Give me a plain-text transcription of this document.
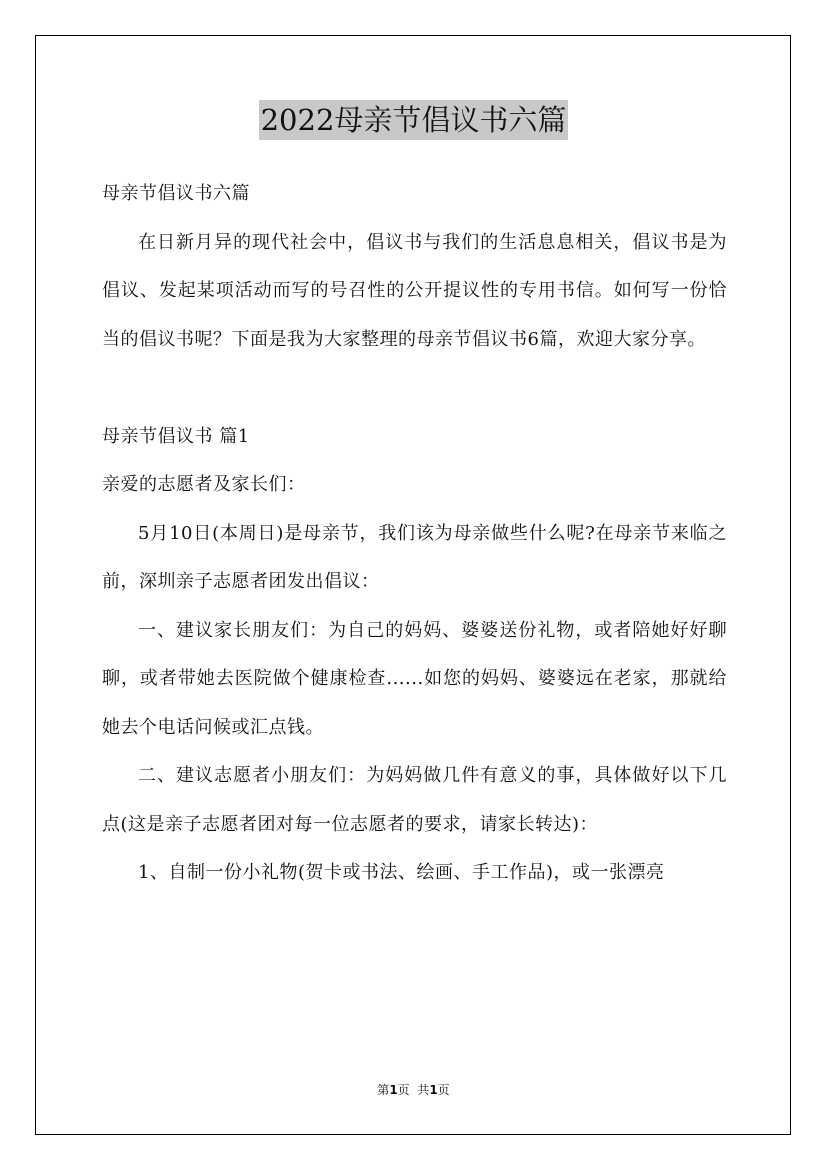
2022母亲节倡议书六篇

母亲节倡议书六篇

在日新月异的现代社会中，倡议书与我们的生活息息相关，倡议书是为倡议、发起某项活动而写的号召性的公开提议性的专用书信。如何写一份恰当的倡议书呢？下面是我为大家整理的母亲节倡议书6篇，欢迎大家分享。

母亲节倡议书 篇1

亲爱的志愿者及家长们：

5月10日(本周日)是母亲节，我们该为母亲做些什么呢?在母亲节来临之前，深圳亲子志愿者团发出倡议：

一、建议家长朋友们：为自己的妈妈、婆婆送份礼物，或者陪她好好聊聊，或者带她去医院做个健康检查......如您的妈妈、婆婆远在老家，那就给她去个电话问候或汇点钱。

二、建议志愿者小朋友们：为妈妈做几件有意义的事，具体做好以下几点(这是亲子志愿者团对每一位志愿者的要求，请家长转达)：

1、自制一份小礼物(贺卡或书法、绘画、手工作品)，或一张漂亮

第1页  共1页
